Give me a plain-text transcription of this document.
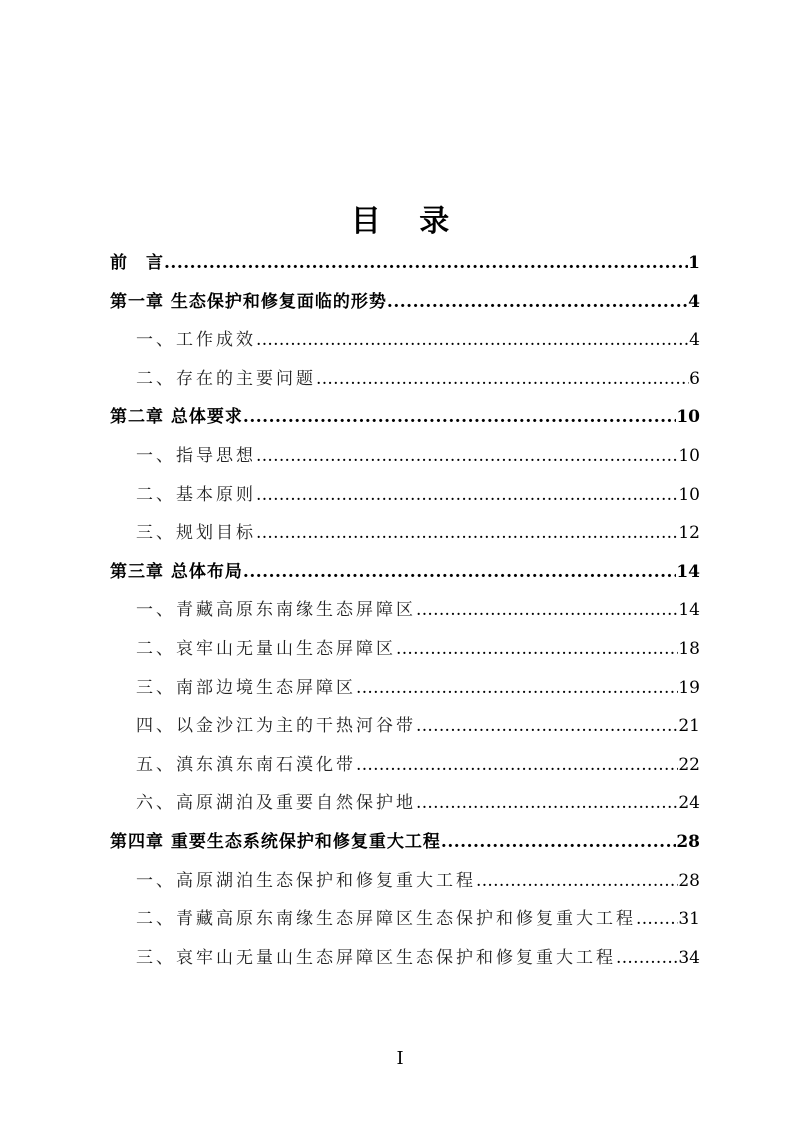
目 录
前　言 .....	1
第一章 生态保护和修复面临的形势 .....	4
一、工作成效 .....	4
二、存在的主要问题 .....	6
第二章 总体要求 .....	10
一、指导思想 .....	10
二、基本原则 .....	10
三、规划目标 .....	12
第三章 总体布局 .....	14
一、青藏高原东南缘生态屏障区 .....	14
二、哀牢山无量山生态屏障区 .....	18
三、南部边境生态屏障区 .....	19
四、以金沙江为主的干热河谷带 .....	21
五、滇东滇东南石漠化带 .....	22
六、高原湖泊及重要自然保护地 .....	24
第四章 重要生态系统保护和修复重大工程 .....	28
一、高原湖泊生态保护和修复重大工程 .....	28
二、青藏高原东南缘生态屏障区生态保护和修复重大工程 ..... 31
三、哀牢山无量山生态屏障区生态保护和修复重大工程 .....	34
I
